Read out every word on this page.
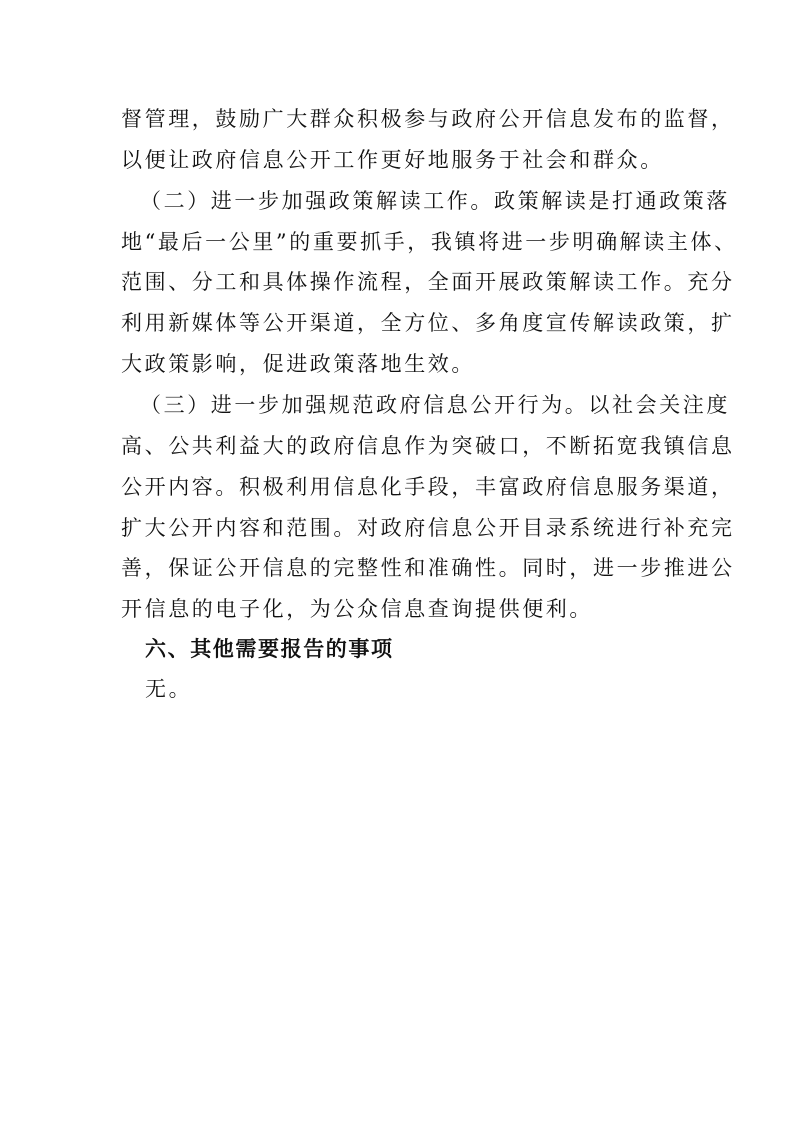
督管理，鼓励广大群众积极参与政府公开信息发布的监督，
以便让政府信息公开工作更好地服务于社会和群众。
（二）进一步加强政策解读工作。政策解读是打通政策落
地“最后一公里”的重要抓手，我镇将进一步明确解读主体、
范围、分工和具体操作流程，全面开展政策解读工作。充分
利用新媒体等公开渠道，全方位、多角度宣传解读政策，扩
大政策影响，促进政策落地生效。
（三）进一步加强规范政府信息公开行为。以社会关注度
高、公共利益大的政府信息作为突破口，不断拓宽我镇信息
公开内容。积极利用信息化手段，丰富政府信息服务渠道，
扩大公开内容和范围。对政府信息公开目录系统进行补充完
善，保证公开信息的完整性和准确性。同时，进一步推进公
开信息的电子化，为公众信息查询提供便利。
六、其他需要报告的事项
无。
